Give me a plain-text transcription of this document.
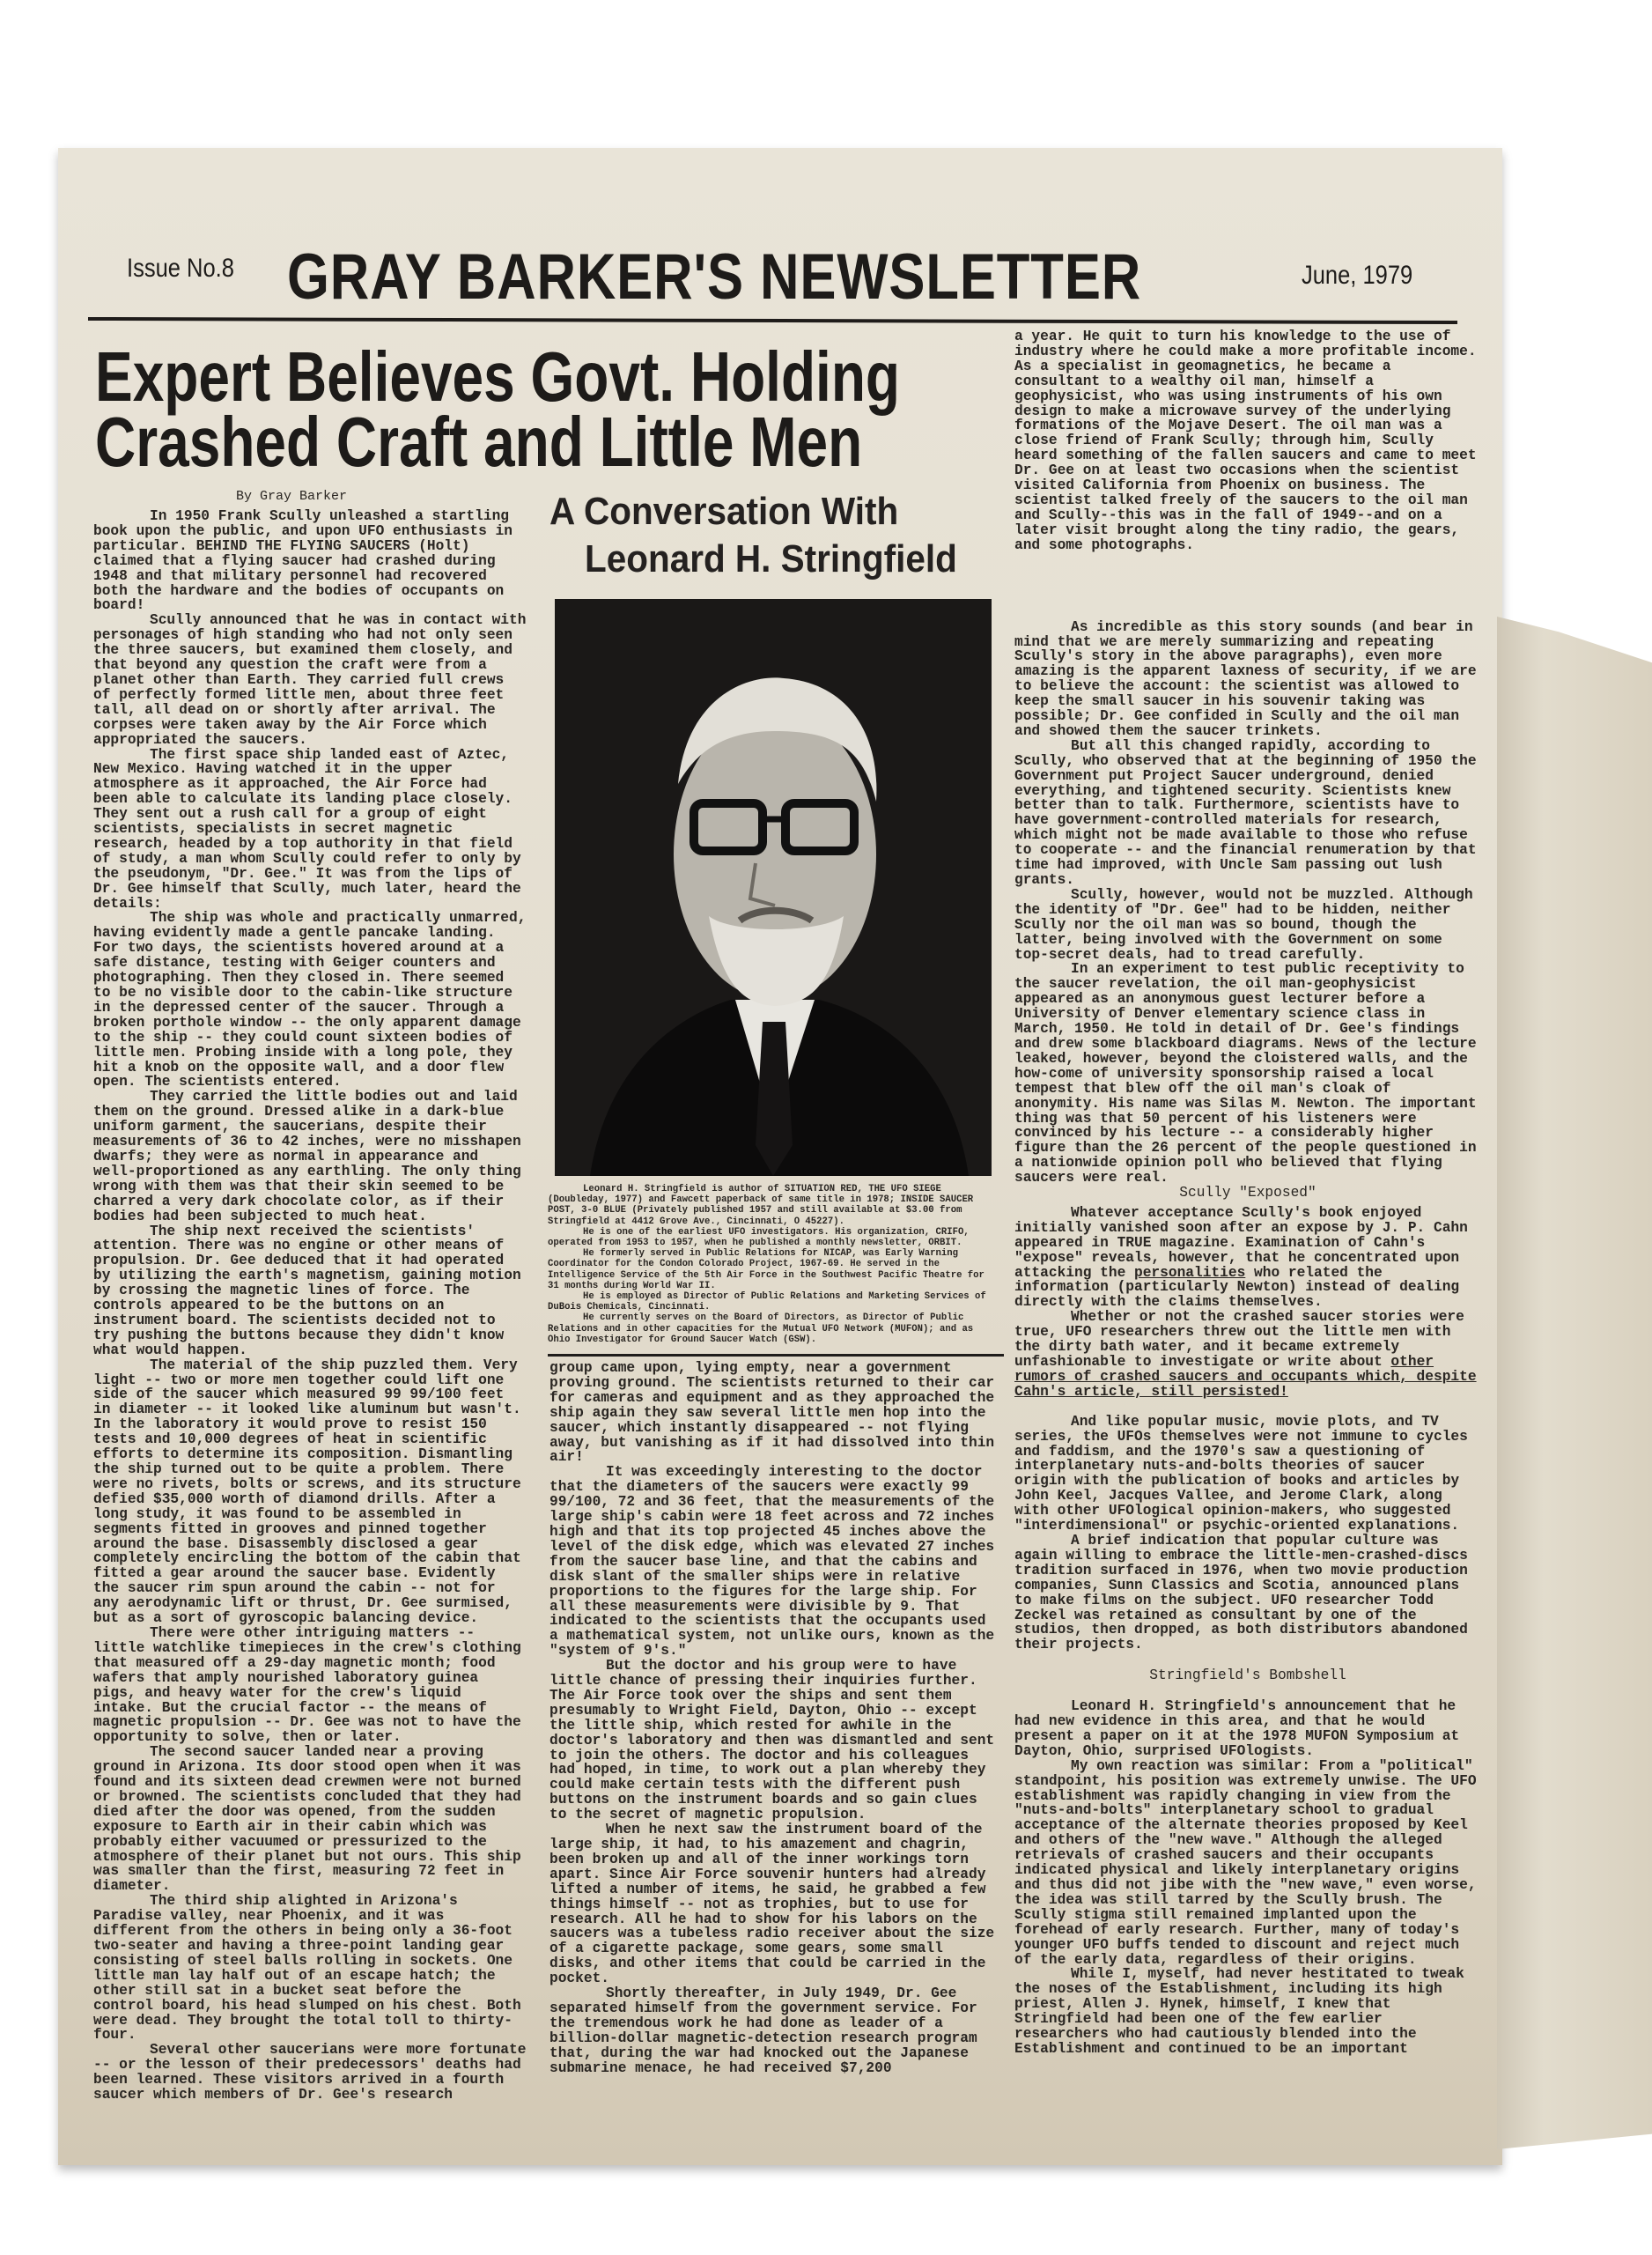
Issue No.8 GRAY BARKER'S NEWSLETTER	June, 1979
Expert Believes Govt. Holding
Crashed Craft and Little Men
By Gray Barker	A Conversation With
Leonard H. Stringfield

Leonard H. Stringfield is author of SITUATION RED, THE UFO SIEGE (Doubleday, 1977) and Fawcett paperback of same title in 1978; INSIDE SAUCER POST, 3-0 BLUE (Privately published 1957 and still available at $3.00 from Stringfield at 4412 Grove Ave., Cincinnati, O 45227).

He is one of the earliest UFO investigators. His organization, CRIFO, operated from 1953 to 1957, when he published a monthly newsletter, ORBIT.

He formerly served in Public Relations for NICAP, was Early Warning Coordinator for the Condon Colorado Project, 1967-69. He served in the Intelligence Service of the 5th Air Force in the Southwest Pacific Theatre for 31 months during World War II.

He is employed as Director of Public Relations and Marketing Services of DuBois Chemicals, Cincinnati.

He currently serves on the Board of Directors, as Director of Public Relations and in other capacities for the Mutual UFO Network (MUFON); and as Ohio Investigator for Ground Saucer Watch (GSW).

In 1950 Frank Scully unleashed a startling book upon the public, and upon UFO enthusiasts in particular. BEHIND THE FLYING SAUCERS (Holt) claimed that a flying saucer had crashed during 1948 and that military personnel had recovered both the hardware and the bodies of occupants on board!

Scully announced that he was in contact with personages of high standing who had not only seen the three saucers, but examined them closely, and that beyond any question the craft were from a planet other than Earth. They carried full crews of perfectly formed little men, about three feet tall, all dead on or shortly after arrival. The corpses were taken away by the Air Force which appropriated the saucers.

The first space ship landed east of Aztec, New Mexico. Having watched it in the upper atmosphere as it approached, the Air Force had been able to calculate its landing place closely. They sent out a rush call for a group of eight scientists, specialists in secret magnetic research, headed by a top authority in that field of study, a man whom Scully could refer to only by the pseudonym, "Dr. Gee." It was from the lips of Dr. Gee himself that Scully, much later, heard the details:

The ship was whole and practically unmarred, having evidently made a gentle pancake landing. For two days, the scientists hovered around at a safe distance, testing with Geiger counters and photographing. Then they closed in. There seemed to be no visible door to the cabin-like structure in the depressed center of the saucer. Through a broken porthole window -- the only apparent damage to the ship -- they could count sixteen bodies of little men. Probing inside with a long pole, they hit a knob on the opposite wall, and a door flew open. The scientists entered.

They carried the little bodies out and laid them on the ground. Dressed alike in a dark-blue uniform garment, the saucerians, despite their measurements of 36 to 42 inches, were no misshapen dwarfs; they were as normal in appearance and well-proportioned as any earthling. The only thing wrong with them was that their skin seemed to be charred a very dark chocolate color, as if their bodies had been subjected to much heat.

The ship next received the scientists' attention. There was no engine or other means of propulsion. Dr. Gee deduced that it had operated by utilizing the earth's magnetism, gaining motion by crossing the magnetic lines of force. The controls appeared to be the buttons on an instrument board. The scientists decided not to try pushing the buttons because they didn't know what would happen.

The material of the ship puzzled them. Very light -- two or more men together could lift one side of the saucer which measured 99 99/100 feet in diameter -- it looked like aluminum but wasn't. In the laboratory it would prove to resist 150 tests and 10,000 degrees of heat in scientific efforts to determine its composition. Dismantling the ship turned out to be quite a problem. There were no rivets, bolts or screws, and its structure defied $35,000 worth of diamond drills. After a long study, it was found to be assembled in segments fitted in grooves and pinned together around the base. Disassembly disclosed a gear completely encircling the bottom of the cabin that fitted a gear around the saucer base. Evidently the saucer rim spun around the cabin -- not for any aerodynamic lift or thrust, Dr. Gee surmised, but as a sort of gyroscopic balancing device.

There were other intriguing matters -- little watchlike timepieces in the crew's clothing that measured off a 29-day magnetic month; food wafers that amply nourished laboratory guinea pigs, and heavy water for the crew's liquid intake. But the crucial factor -- the means of magnetic propulsion -- Dr. Gee was not to have the opportunity to solve, then or later.

The second saucer landed near a proving ground in Arizona. Its door stood open when it was found and its sixteen dead crewmen were not burned or browned. The scientists concluded that they had died after the door was opened, from the sudden exposure to Earth air in their cabin which was probably either vacuumed or pressurized to the atmosphere of their planet but not ours. This ship was smaller than the first, measuring 72 feet in diameter.

The third ship alighted in Arizona's Paradise valley, near Phoenix, and it was different from the others in being only a 36-foot two-seater and having a three-point landing gear consisting of steel balls rolling in sockets. One little man lay half out of an escape hatch; the other still sat in a bucket seat before the control board, his head slumped on his chest. Both were dead. They brought the total toll to thirty-four.

Several other saucerians were more fortunate -- or the lesson of their predecessors' deaths had been learned. These visitors arrived in a fourth saucer which members of Dr. Gee's research

group came upon, lying empty, near a government proving ground. The scientists returned to their car for cameras and equipment and as they approached the ship again they saw several little men hop into the saucer, which instantly disappeared -- not flying away, but vanishing as if it had dissolved into thin air!

It was exceedingly interesting to the doctor that the diameters of the saucers were exactly 99 99/100, 72 and 36 feet, that the measurements of the large ship's cabin were 18 feet across and 72 inches high and that its top projected 45 inches above the level of the disk edge, which was elevated 27 inches from the saucer base line, and that the cabins and disk slant of the smaller ships were in relative proportions to the figures for the large ship. For all these measurements were divisible by 9. That indicated to the scientists that the occupants used a mathematical system, not unlike ours, known as the "system of 9's."

But the doctor and his group were to have little chance of pressing their inquiries further. The Air Force took over the ships and sent them presumably to Wright Field, Dayton, Ohio -- except the little ship, which rested for awhile in the doctor's laboratory and then was dismantled and sent to join the others. The doctor and his colleagues had hoped, in time, to work out a plan whereby they could make certain tests with the different push buttons on the instrument boards and so gain clues to the secret of magnetic propulsion.

When he next saw the instrument board of the large ship, it had, to his amazement and chagrin, been broken up and all of the inner workings torn apart. Since Air Force souvenir hunters had already lifted a number of items, he said, he grabbed a few things himself -- not as trophies, but to use for research. All he had to show for his labors on the saucers was a tubeless radio receiver about the size of a cigarette package, some gears, some small disks, and other items that could be carried in the pocket.

Shortly thereafter, in July 1949, Dr. Gee separated himself from the government service. For the tremendous work he had done as leader of a billion-dollar magnetic-detection research program that, during the war had knocked out the Japanese submarine menace, he had received $7,200

a year. He quit to turn his knowledge to the use of industry where he could make a more profitable income. As a specialist in geomagnetics, he became a consultant to a wealthy oil man, himself a geophysicist, who was using instruments of his own design to make a microwave survey of the underlying formations of the Mojave Desert. The oil man was a close friend of Frank Scully; through him, Scully heard something of the fallen saucers and came to meet Dr. Gee on at least two occasions when the scientist visited California from Phoenix on business. The scientist talked freely of the saucers to the oil man and Scully--this was in the fall of 1949--and on a later visit brought along the tiny radio, the gears, and some photographs.

As incredible as this story sounds (and bear in mind that we are merely summarizing and repeating Scully's story in the above paragraphs), even more amazing is the apparent laxness of security, if we are to believe the account: the scientist was allowed to keep the small saucer in his souvenir taking was possible; Dr. Gee confided in Scully and the oil man and showed them the saucer trinkets.

But all this changed rapidly, according to Scully, who observed that at the beginning of 1950 the Government put Project Saucer underground, denied everything, and tightened security. Scientists knew better than to talk. Furthermore, scientists have to have government-controlled materials for research, which might not be made available to those who refuse to cooperate -- and the financial renumeration by that time had improved, with Uncle Sam passing out lush grants.

Scully, however, would not be muzzled. Although the identity of "Dr. Gee" had to be hidden, neither Scully nor the oil man was so bound, though the latter, being involved with the Government on some top-secret deals, had to tread carefully.

In an experiment to test public receptivity to the saucer revelation, the oil man-geophysicist appeared as an anonymous guest lecturer before a University of Denver elementary science class in March, 1950. He told in detail of Dr. Gee's findings and drew some blackboard diagrams. News of the lecture leaked, however, beyond the cloistered walls, and the how-come of university sponsorship raised a local tempest that blew off the oil man's cloak of anonymity. His name was Silas M. Newton. The important thing was that 50 percent of his listeners were convinced by his lecture -- a considerably higher figure than the 26 percent of the people questioned in a nationwide opinion poll who believed that flying saucers were real.

Scully "Exposed"

Whatever acceptance Scully's book enjoyed initially vanished soon after an expose by J. P. Cahn appeared in TRUE magazine. Examination of Cahn's "expose" reveals, however, that he concentrated upon attacking the personalities who related the information (particularly Newton) instead of dealing directly with the claims themselves.

Whether or not the crashed saucer stories were true, UFO researchers threw out the little men with the dirty bath water, and it became extremely unfashionable to investigate or write about other rumors of crashed saucers and occupants which, despite Cahn's article, still persisted!

And like popular music, movie plots, and TV series, the UFOs themselves were not immune to cycles and faddism, and the 1970's saw a questioning of interplanetary nuts-and-bolts theories of saucer origin with the publication of books and articles by John Keel, Jacques Vallee, and Jerome Clark, along with other UFOlogical opinion-makers, who suggested "interdimensional" or psychic-oriented explanations.

A brief indication that popular culture was again willing to embrace the little-men-crashed-discs tradition surfaced in 1976, when two movie production companies, Sunn Classics and Scotia, announced plans to make films on the subject. UFO researcher Todd Zeckel was retained as consultant by one of the studios, then dropped, as both distributors abandoned their projects.

Stringfield's Bombshell

Leonard H. Stringfield's announcement that he had new evidence in this area, and that he would present a paper on it at the 1978 MUFON Symposium at Dayton, Ohio, surprised UFOlogists.

My own reaction was similar: From a "political" standpoint, his position was extremely unwise. The UFO establishment was rapidly changing in view from the "nuts-and-bolts" interplanetary school to gradual acceptance of the alternate theories proposed by Keel and others of the "new wave." Although the alleged retrievals of crashed saucers and their occupants indicated physical and likely interplanetary origins and thus did not jibe with the "new wave," even worse, the idea was still tarred by the Scully brush. The Scully stigma still remained implanted upon the forehead of early research. Further, many of today's younger UFO buffs tended to discount and reject much of the early data, regardless of their origins.

While I, myself, had never hestitated to tweak the noses of the Establishment, including its high priest, Allen J. Hynek, himself, I knew that Stringfield had been one of the few earlier researchers who had cautiously blended into the Establishment and continued to be an important
